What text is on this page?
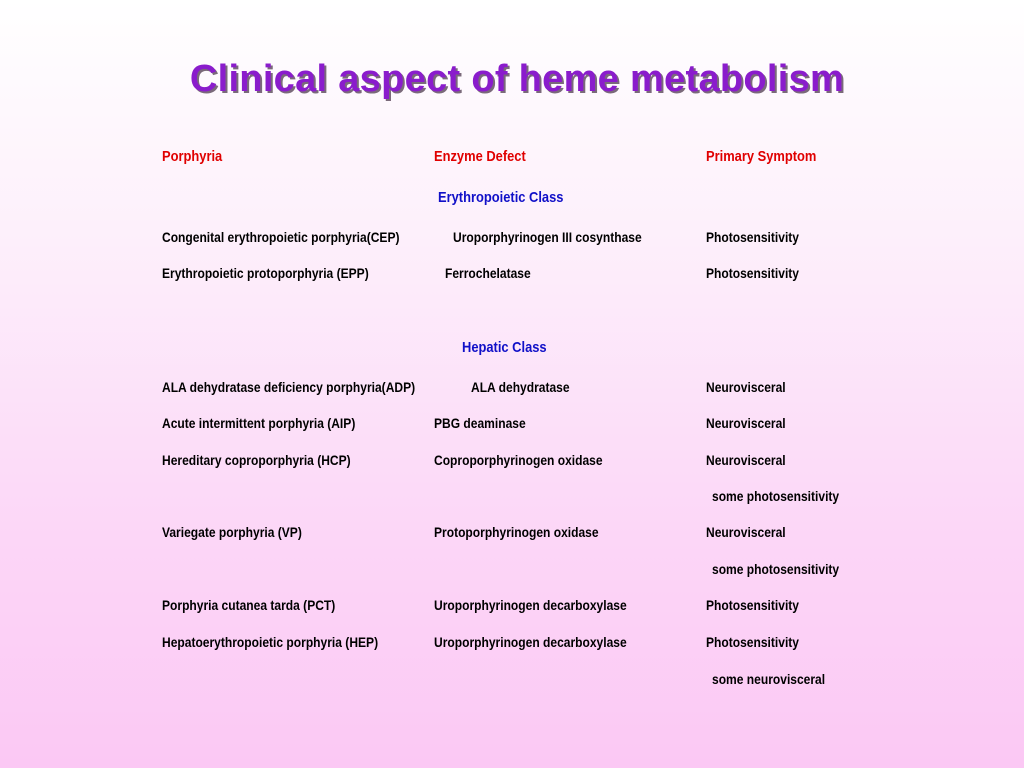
Clinical aspect of heme metabolism
Porphyria	Enzyme Defect	Primary Symptom
Erythropoietic Class
Congenital erythropoietic porphyria(CEP)	Uroporphyrinogen III cosynthase	Photosensitivity
Erythropoietic protoporphyria (EPP)	Ferrochelatase	Photosensitivity
Hepatic Class
ALA dehydratase deficiency porphyria(ADP)	ALA dehydratase	Neurovisceral
Acute intermittent porphyria (AIP)	PBG deaminase	Neurovisceral
Hereditary coproporphyria (HCP)	Coproporphyrinogen oxidase	Neurovisceral
some photosensitivity
Variegate porphyria (VP)	Protoporphyrinogen oxidase	Neurovisceral
some photosensitivity
Porphyria cutanea tarda (PCT)	Uroporphyrinogen decarboxylase	Photosensitivity
Hepatoerythropoietic porphyria (HEP)	Uroporphyrinogen decarboxylase	Photosensitivity
some neurovisceral
